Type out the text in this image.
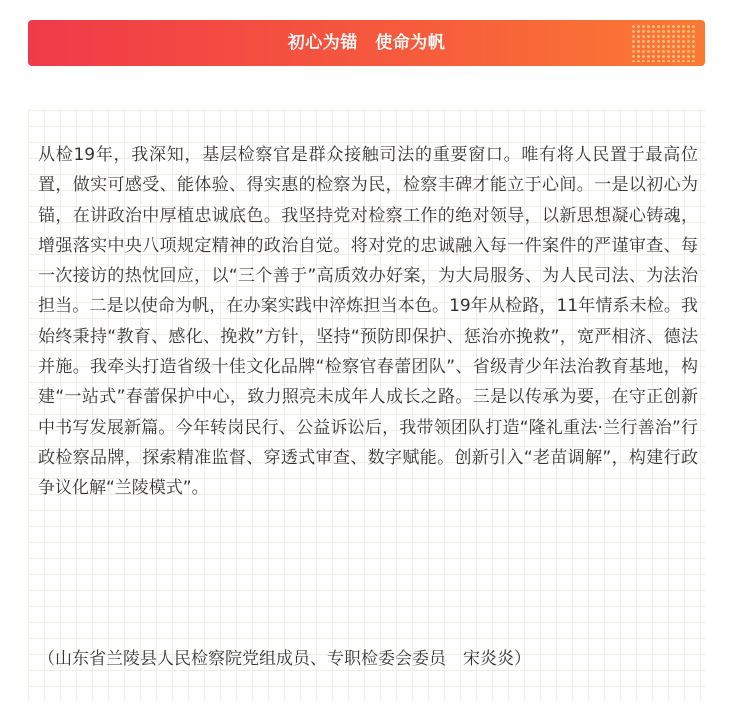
初心为锚　使命为帆

从检19年，我深知，基层检察官是群众接触司法的重要窗口。唯有将人民置于最高位置，做实可感受、能体验、得实惠的检察为民，检察丰碑才能立于心间。一是以初心为锚，在讲政治中厚植忠诚底色。我坚持党对检察工作的绝对领导，以新思想凝心铸魂，增强落实中央八项规定精神的政治自觉。将对党的忠诚融入每一件案件的严谨审查、每一次接访的热忱回应，以“三个善于”高质效办好案，为大局服务、为人民司法、为法治担当。二是以使命为帆，在办案实践中淬炼担当本色。19年从检路，11年情系未检。我始终秉持“教育、感化、挽救”方针，坚持“预防即保护、惩治亦挽救”，宽严相济、德法并施。我牵头打造省级十佳文化品牌“检察官春蕾团队”、省级青少年法治教育基地，构建“一站式”春蕾保护中心，致力照亮未成年人成长之路。三是以传承为要，在守正创新中书写发展新篇。今年转岗民行、公益诉讼后，我带领团队打造“隆礼重法·兰行善治”行政检察品牌，探索精准监督、穿透式审查、数字赋能。创新引入“老苗调解”，构建行政争议化解“兰陵模式”。

（山东省兰陵县人民检察院党组成员、专职检委会委员　宋炎炎）
